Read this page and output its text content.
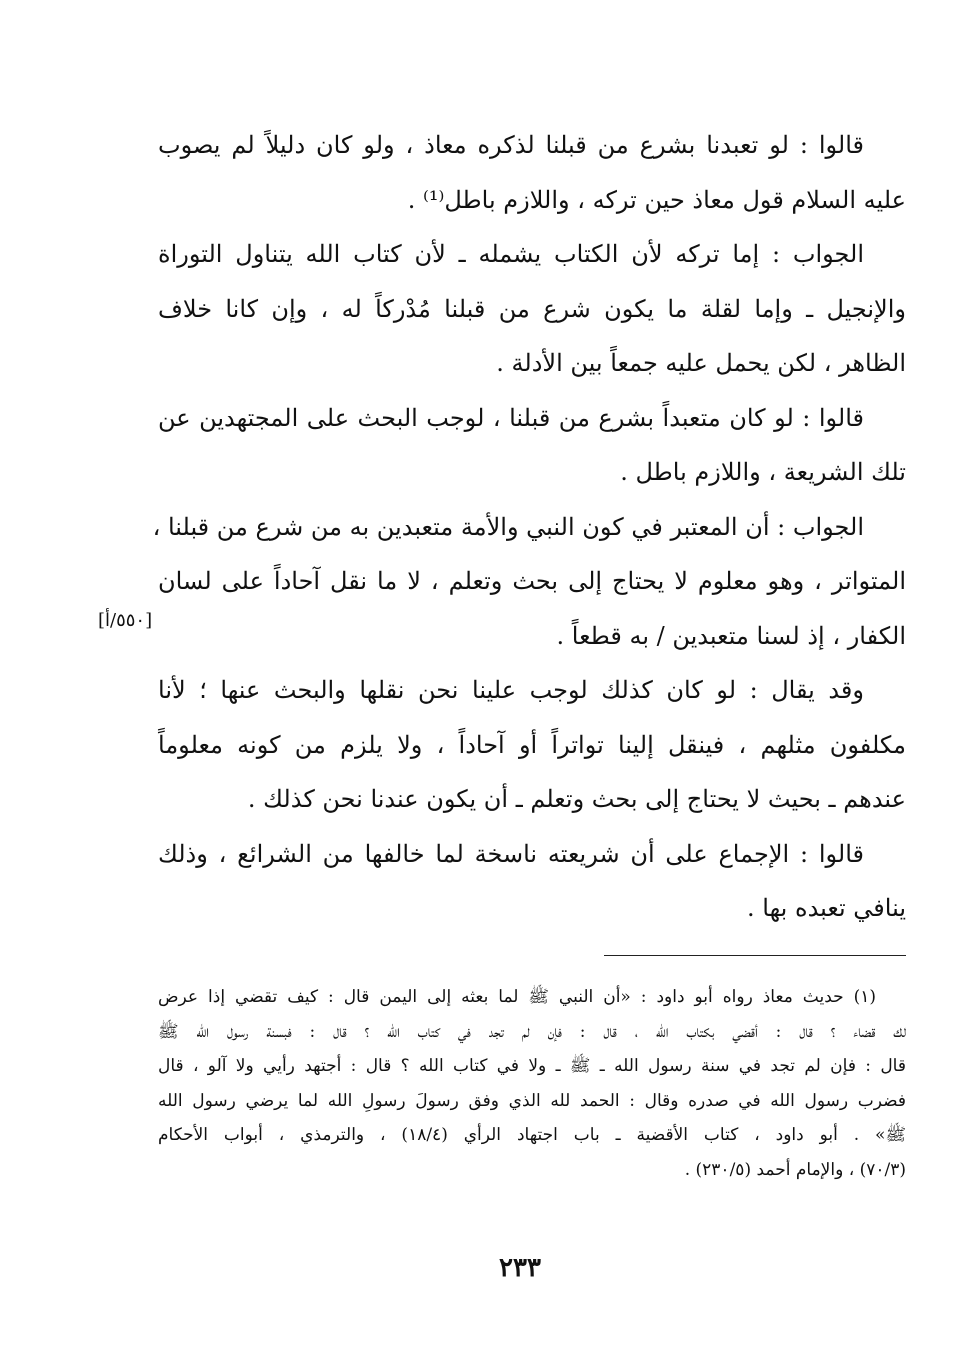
قالوا : لو تعبدنا بشرع من قبلنا لذكره معاذ ، ولو كان دليلاً لم يصوب
عليه السلام قول معاذ حين تركه ، واللازم باطل⁽¹⁾ .
الجواب : إما تركه لأن الكتاب يشمله ـ لأن كتاب الله يتناول التوراة
والإنجيل ـ وإما لقلة ما يكون شرع من قبلنا مُدْركاً له ، وإن كانا خلاف
الظاهر ، لكن يحمل عليه جمعاً بين الأدلة .
قالوا : لو كان متعبداً بشرع من قبلنا ، لوجب البحث على المجتهدين عن
تلك الشريعة ، واللازم باطل .
الجواب : أن المعتبر في كون النبي والأمة متعبدين به من شرع من قبلنا ،
المتواتر ، وهو معلوم لا يحتاج إلى بحث وتعلم ، لا ما نقل آحاداً على لسان
الكفار ، إذ لسنا متعبدين / به قطعاً .
وقد يقال : لو كان كذلك لوجب علينا نحن نقلها والبحث عنها ؛ لأنا
مكلفون مثلهم ، فينقل إلينا تواتراً أو آحاداً ، ولا يلزم من كونه معلوماً
عندهم ـ بحيث لا يحتاج إلى بحث وتعلم ـ أن يكون عندنا نحن كذلك .
قالوا : الإجماع على أن شريعته ناسخة لما خالفها من الشرائع ، وذلك
ينافي تعبده بها .
[٥٥٠/أ]
(١) حديث معاذ رواه أبو داود : «أن النبي ﷺ لما بعثه إلى اليمن قال : كيف تقضي إذا عرض
لك قضاء ؟ قال : أقضي بكتاب الله ، قال : فإن لم تجد في كتاب الله ؟ قال : فبسنة رسول الله ﷺ
قال : فإن لم تجد في سنة رسول الله ـ ﷺ ـ ولا في كتاب الله ؟ قال : أجتهد رأيي ولا آلو ، قال
فضرب رسول الله في صدره وقال : الحمد لله الذي وفق رسولَ رسولِ الله لما يرضي رسول الله
ﷺ» . أبو داود ، كتاب الأقضية ـ باب اجتهاد الرأي (١٨/٤) ، والترمذي ، أبواب الأحكام
(٧٠/٣) ، والإمام أحمد (٢٣٠/٥) .
٢٣٣
